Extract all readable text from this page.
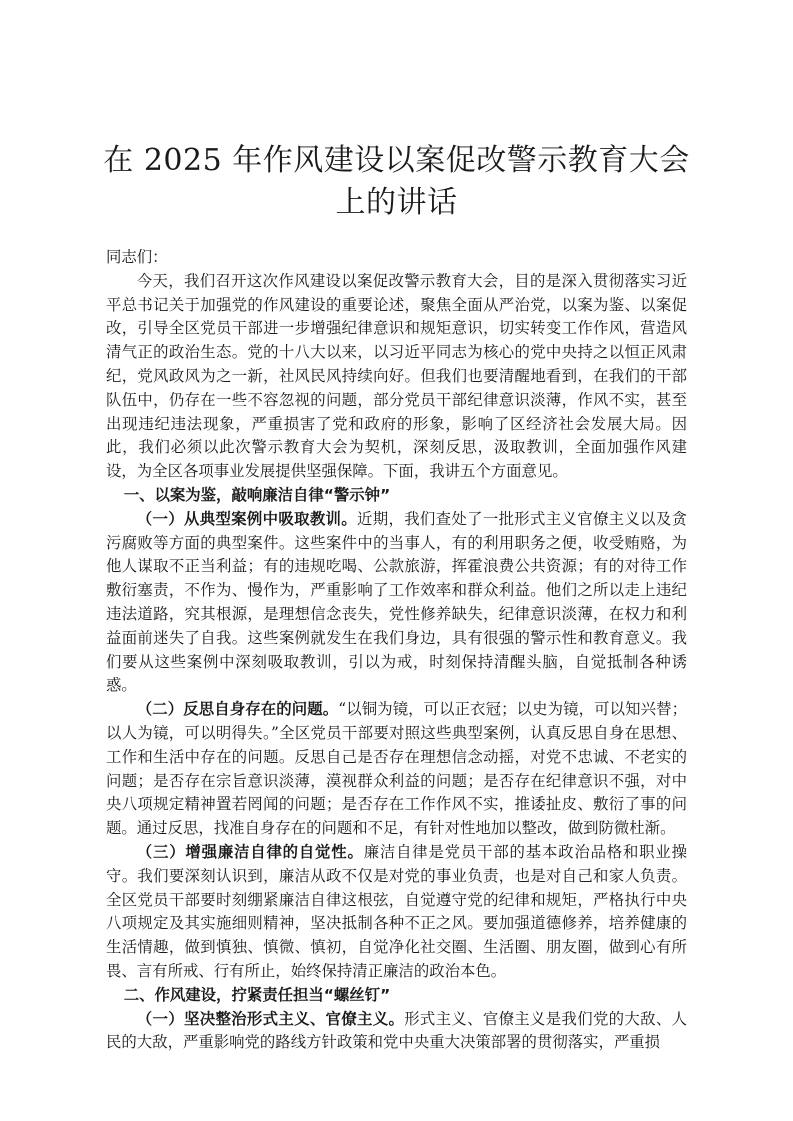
在 2025 年作风建设以案促改警示教育大会上的讲话

同志们：

今天，我们召开这次作风建设以案促改警示教育大会，目的是深入贯彻落实习近平总书记关于加强党的作风建设的重要论述，聚焦全面从严治党，以案为鉴、以案促改，引导全区党员干部进一步增强纪律意识和规矩意识，切实转变工作作风，营造风清气正的政治生态。党的十八大以来，以习近平同志为核心的党中央持之以恒正风肃纪，党风政风为之一新，社风民风持续向好。但我们也要清醒地看到，在我们的干部队伍中，仍存在一些不容忽视的问题，部分党员干部纪律意识淡薄，作风不实，甚至出现违纪违法现象，严重损害了党和政府的形象，影响了区经济社会发展大局。因此，我们必须以此次警示教育大会为契机，深刻反思，汲取教训，全面加强作风建设，为全区各项事业发展提供坚强保障。下面，我讲五个方面意见。

一、以案为鉴，敲响廉洁自律“警示钟”

（一）从典型案例中吸取教训。近期，我们查处了一批形式主义官僚主义以及贪污腐败等方面的典型案件。这些案件中的当事人，有的利用职务之便，收受贿赂，为他人谋取不正当利益；有的违规吃喝、公款旅游，挥霍浪费公共资源；有的对待工作敷衍塞责，不作为、慢作为，严重影响了工作效率和群众利益。他们之所以走上违纪违法道路，究其根源，是理想信念丧失，党性修养缺失，纪律意识淡薄，在权力和利益面前迷失了自我。这些案例就发生在我们身边，具有很强的警示性和教育意义。我们要从这些案例中深刻吸取教训，引以为戒，时刻保持清醒头脑，自觉抵制各种诱惑。

（二）反思自身存在的问题。“以铜为镜，可以正衣冠；以史为镜，可以知兴替；以人为镜，可以明得失。”全区党员干部要对照这些典型案例，认真反思自身在思想、工作和生活中存在的问题。反思自己是否存在理想信念动摇，对党不忠诚、不老实的问题；是否存在宗旨意识淡薄，漠视群众利益的问题；是否存在纪律意识不强，对中央八项规定精神置若罔闻的问题；是否存在工作作风不实，推诿扯皮、敷衍了事的问题。通过反思，找准自身存在的问题和不足，有针对性地加以整改，做到防微杜渐。

（三）增强廉洁自律的自觉性。廉洁自律是党员干部的基本政治品格和职业操守。我们要深刻认识到，廉洁从政不仅是对党的事业负责，也是对自己和家人负责。全区党员干部要时刻绷紧廉洁自律这根弦，自觉遵守党的纪律和规矩，严格执行中央八项规定及其实施细则精神，坚决抵制各种不正之风。要加强道德修养，培养健康的生活情趣，做到慎独、慎微、慎初，自觉净化社交圈、生活圈、朋友圈，做到心有所畏、言有所戒、行有所止，始终保持清正廉洁的政治本色。

二、作风建设，拧紧责任担当“螺丝钉”

（一）坚决整治形式主义、官僚主义。形式主义、官僚主义是我们党的大敌、人民的大敌，严重影响党的路线方针政策和党中央重大决策部署的贯彻落实，严重损
